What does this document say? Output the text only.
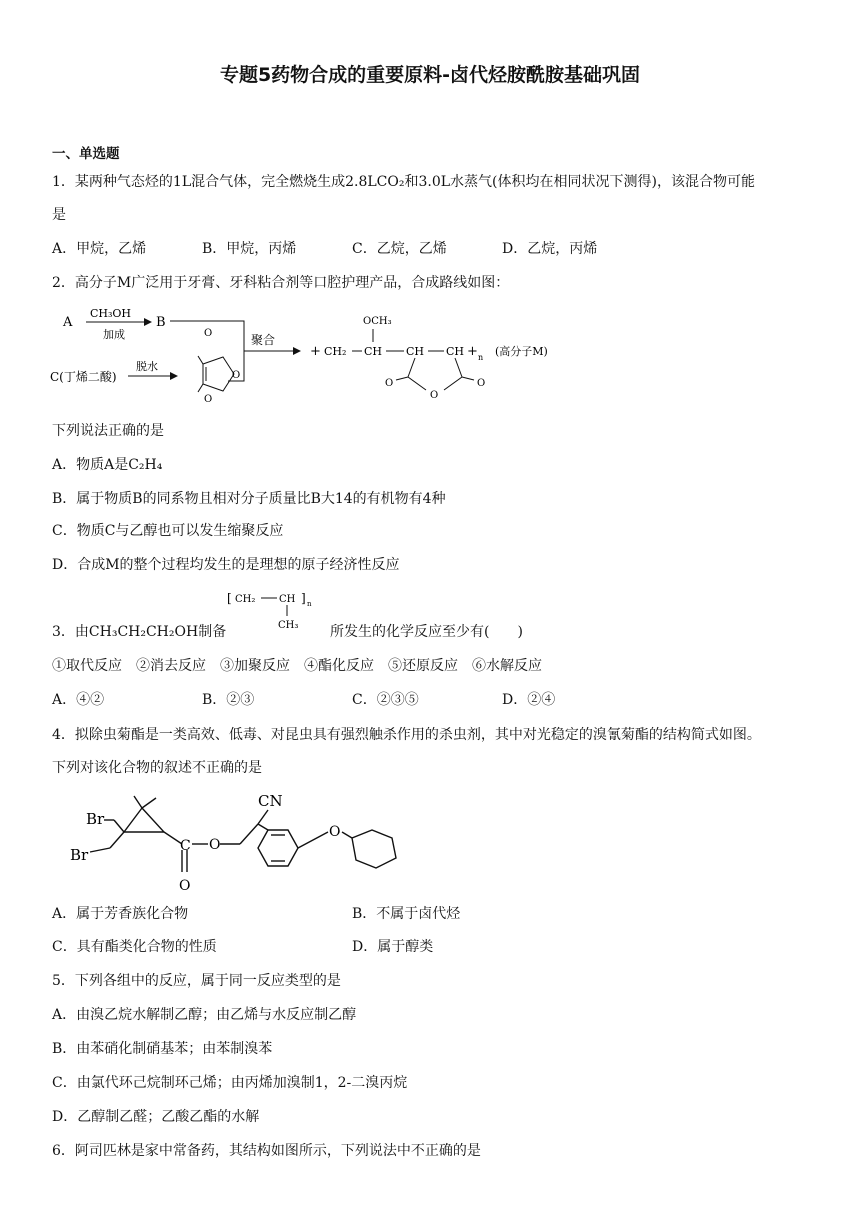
专题5药物合成的重要原料-卤代烃胺酰胺基础巩固
一、单选题
1．某两种气态烃的1L混合气体，完全燃烧生成2.8LCO₂和3.0L水蒸气(体积均在相同状况下测得)，该混合物可能
是
A．甲烷，乙烯	B．甲烷，丙烯	C．乙烷，乙烯	D．乙烷，丙烯
2．高分子M广泛用于牙膏、牙科粘合剂等口腔护理产品，合成路线如图：
A
CH₃OH
加成
B
聚合
C(丁烯二酸)
脱水
O
O
O
+ CH₂ CH CH CH + n
OCH₃
O	O
O
(高分子M)
下列说法正确的是
A．物质A是C₂H₄
B．属于物质B的同系物且相对分子质量比B大14的有机物有4种
C．物质C与乙醇也可以发生缩聚反应
D．合成M的整个过程均发生的是理想的原子经济性反应
3．由CH₃CH₂CH₂OH制备
[ CH₂ CH ] n
CH₃ 所发生的化学反应至少有(　　)
①取代反应　②消去反应　③加聚反应　④酯化反应　⑤还原反应　⑥水解反应
A．④②	B．②③	C．②③⑤	D．②④
4．拟除虫菊酯是一类高效、低毒、对昆虫具有强烈触杀作用的杀虫剂，其中对光稳定的溴氰菊酯的结构简式如图。
下列对该化合物的叙述不正确的是
Br
Br	C
O
O
CN
O
A．属于芳香族化合物	B．不属于卤代烃
C．具有酯类化合物的性质	D．属于醇类
5．下列各组中的反应，属于同一反应类型的是
A．由溴乙烷水解制乙醇；由乙烯与水反应制乙醇
B．由苯硝化制硝基苯；由苯制溴苯
C．由氯代环己烷制环己烯；由丙烯加溴制1，2-二溴丙烷
D．乙醇制乙醛；乙酸乙酯的水解
6．阿司匹林是家中常备药，其结构如图所示，下列说法中不正确的是
